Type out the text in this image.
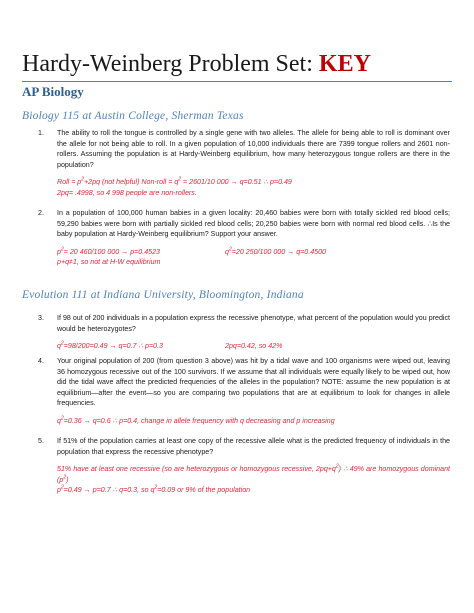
Hardy-Weinberg Problem Set: KEY
AP Biology
Biology 115 at Austin College, Sherman Texas
1. The ability to roll the tongue is controlled by a single gene with two alleles. The allele for being able to roll is dominant over the allele for not being able to roll. In a given population of 10,000 individuals there are 7399 tongue rollers and 2601 non-rollers. Assuming the population is at Hardy-Weinberg equilibrium, how many heterozygous tongue rollers are there in the population?
Roll = $p^2+2pq$ (not helpful) Non-roll = $q^2 = 2601/10$ 000 → q=0.51 ∴ p=0.49
2pq= .4998, so 4 998 people are non-rollers.
2. In a population of 100,000 human babies in a given locality: 20,460 babies were born with totally sickled red blood cells; 59,290 babies were born with partially sickled red blood cells; 20,250 babies were born with normal red blood cells. ∴Is the baby population at Hardy-Weinberg equilibrium? Support your answer.
$p^2= 20$ 460/100 000 → p=0.4523	$q^2=20$ 250/100 000 → q=0.4500
p+q≠1, so not at H-W equilibrium
Evolution 111 at Indiana University, Bloomington, Indiana
3. If 98 out of 200 individuals in a population express the recessive phenotype, what percent of the population would you predict would be heterozygotes?
$q^2=98/200=0.49 \to q=0.7$ ∴ p=0.3	2pq=0.42, so 42%
4. Your original population of 200 (from question 3 above) was hit by a tidal wave and 100 organisms were wiped out, leaving 36 homozygous recessive out of the 100 survivors. If we assume that all individuals were equally likely to be wiped out, how did the tidal wave affect the predicted frequencies of the alleles in the population? NOTE: assume the new population is at equilibrium—after the event—so you are comparing two populations that are at equilibrium to look for changes in allele frequencies.
$q^2=0.36 \to q=0.6$ ∴ p=0.4, change in allele frequency with q decreasing and p increasing
5. If 51% of the population carries at least one copy of the recessive allele what is the predicted frequency of individuals in the population that express the recessive phenotype?
51% have at least one recessive (so are heterozygous or homozygous recessive, $2pq+q^2$) ∴ 49% are homozygous dominant $(p^2)$
$p^2=0.49 \to p=0.7$ ∴ q=0.3, so $q^2=0.09$ or 9% of the population
